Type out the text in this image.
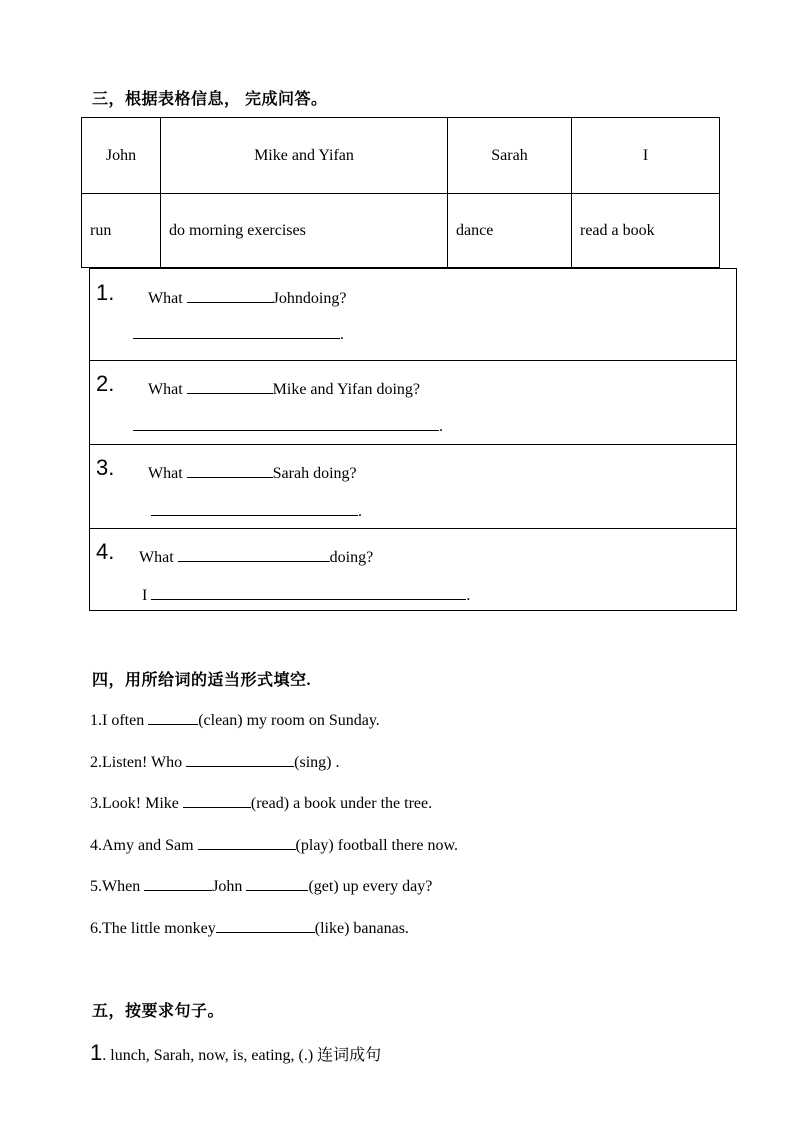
三，根据表格信息， 完成问答。
John	Mike and Yifan	Sarah	I
run	do morning exercises	dance	read a book
1. What	Johndoing?
.
2. What	Mike and Yifan doing?
.
3. What	Sarah doing?
.
4. What	doing?
I	.
四，用所给词的适当形式填空.
1.I often	(clean) my room on Sunday.
2.Listen! Who	(sing) .
3.Look! Mike	(read) a book under the tree.
4.Amy and Sam	(play) football there now.
5.When	John	(get) up every day?
6.The little monkey	(like) bananas.
五，按要求句子。
1. lunch, Sarah, now, is, eating, (.) 连词成句
